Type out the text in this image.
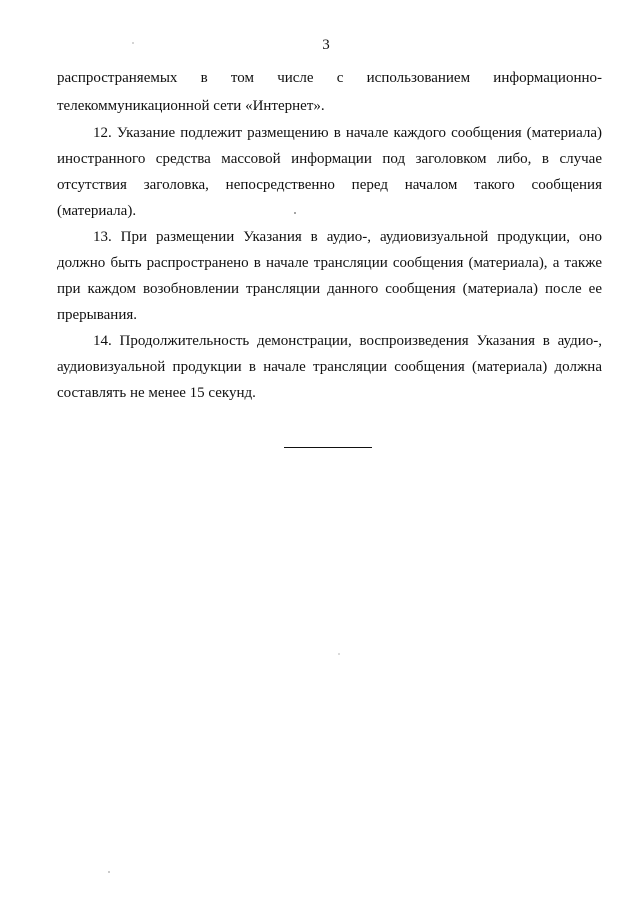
3
распространяемых в том числе с использованием информационно-
телекоммуникационной сети «Интернет».
12. Указание подлежит размещению в начале каждого сообщения (материала)
иностранного средства массовой информации под заголовком либо, в случае
отсутствия заголовка, непосредственно перед началом такого сообщения
(материала).
13. При размещении Указания в аудио-, аудиовизуальной продукции, оно
должно быть распространено в начале трансляции сообщения (материала), а также
при каждом возобновлении трансляции данного сообщения (материала) после ее
прерывания.
14. Продолжительность демонстрации, воспроизведения Указания в аудио-,
аудиовизуальной продукции в начале трансляции сообщения (материала) должна
составлять не менее 15 секунд.
